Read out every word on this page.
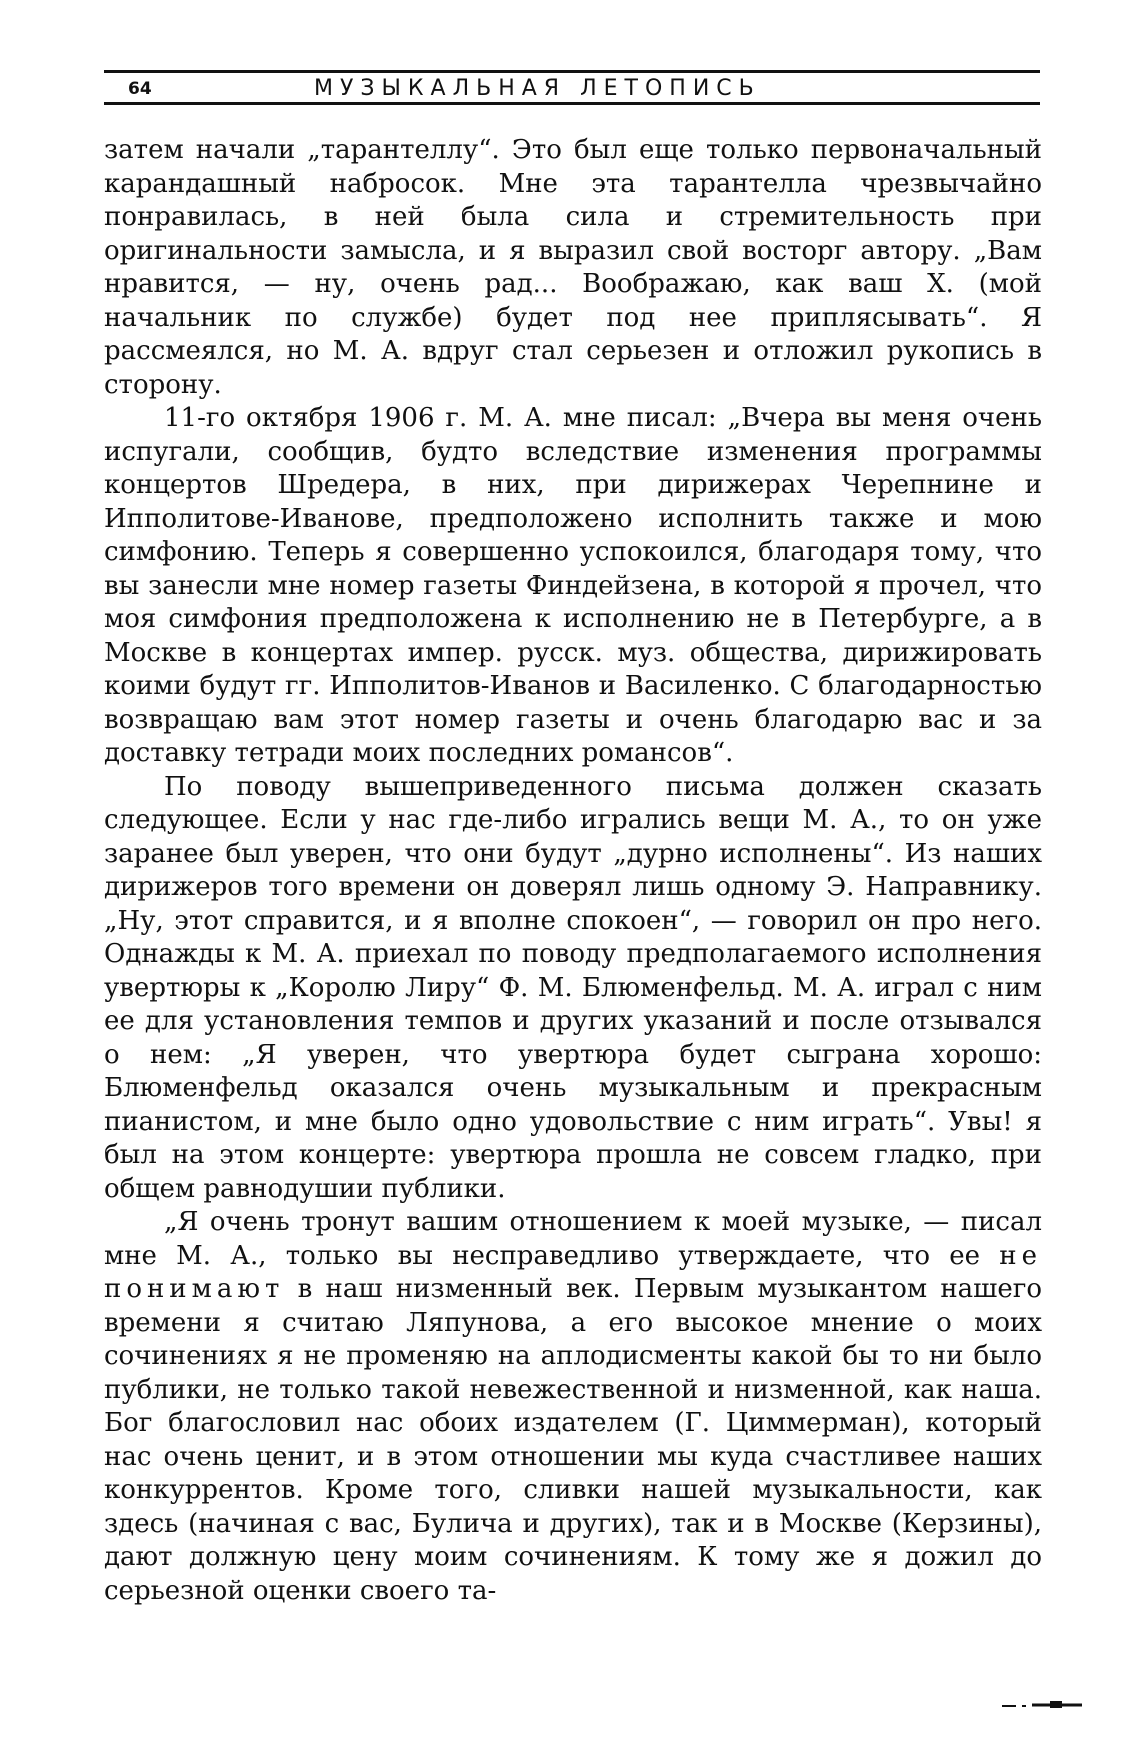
64	МУЗЫКАЛЬНАЯ ЛЕТОПИСЬ

затем начали „тарантеллу“. Это был еще только первоначальный карандашный набросок. Мне эта тарантелла чрезвычайно понравилась, в ней была сила и стремительность при оригинальности замысла, и я выразил свой восторг автору. „Вам нравится, — ну, очень рад... Воображаю, как ваш Х. (мой начальник по службе) будет под нее приплясывать“. Я рассмеялся, но М. А. вдруг стал серьезен и отложил рукопись в сторону.

11-го октября 1906 г. М. А. мне писал: „Вчера вы меня очень испугали, сообщив, будто вследствие изменения программы концертов Шредера, в них, при дирижерах Черепнине и Ипполитове-Иванове, предположено исполнить также и мою симфонию. Теперь я совершенно успокоился, благодаря тому, что вы занесли мне номер газеты Финдейзена, в которой я прочел, что моя симфония предположена к исполнению не в Петербурге, а в Москве в концертах импер. русск. муз. общества, дирижировать коими будут гг. Ипполитов-Иванов и Василенко. С благодарностью возвращаю вам этот номер газеты и очень благодарю вас и за доставку тетради моих последних романсов“.

По поводу вышеприведенного письма должен сказать следующее. Если у нас где-либо игрались вещи М. А., то он уже заранее был уверен, что они будут „дурно исполнены“. Из наших дирижеров того времени он доверял лишь одному Э. Направнику. „Ну, этот справится, и я вполне спокоен“, — говорил он про него. Однажды к М. А. приехал по поводу предполагаемого исполнения увертюры к „Королю Лиру“ Ф. М. Блюменфельд. М. А. играл с ним ее для установления темпов и других указаний и после отзывался о нем: „Я уверен, что увертюра будет сыграна хорошо: Блюменфельд оказался очень музыкальным и прекрасным пианистом, и мне было одно удовольствие с ним играть“. Увы! я был на этом концерте: увертюра прошла не совсем гладко, при общем равнодушии публики.

„Я очень тронут вашим отношением к моей музыке, — писал мне М. А., только вы несправедливо утверждаете, что ее не понимают в наш низменный век. Первым музыкантом нашего времени я считаю Ляпунова, а его высокое мнение о моих сочинениях я не променяю на аплодисменты какой бы то ни было публики, не только такой невежественной и низменной, как наша. Бог благословил нас обоих издателем (Г. Циммерман), который нас очень ценит, и в этом отношении мы куда счастливее наших конкуррентов. Кроме того, сливки нашей музыкальности, как здесь (начиная с вас, Булича и других), так и в Москве (Керзины), дают должную цену моим сочинениям. К тому же я дожил до серьезной оценки своего та-
